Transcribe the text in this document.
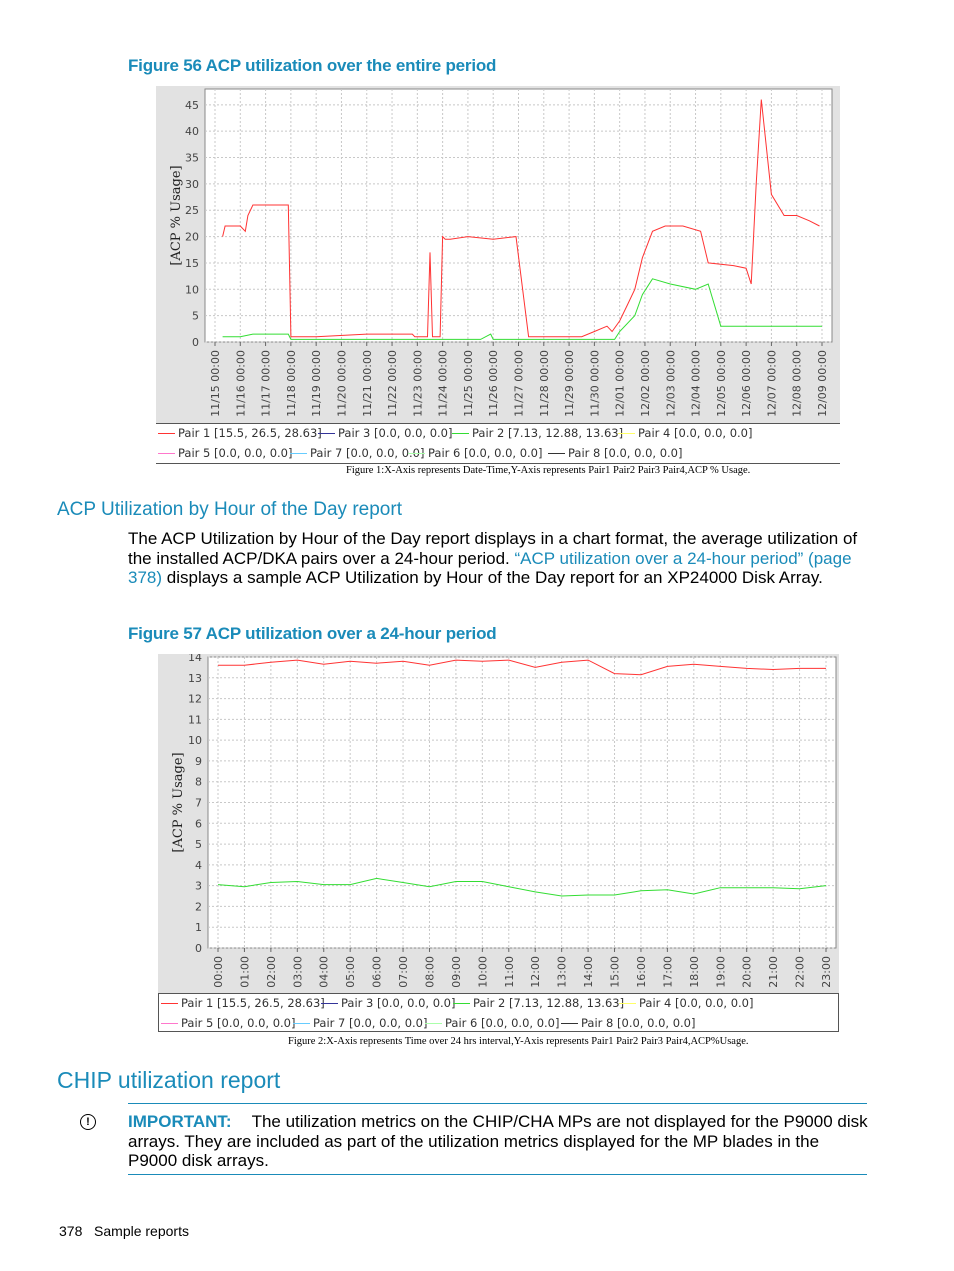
Figure 56 ACP utilization over the entire period
0
5
10
15
20
25
30
35
40
45
11/15 00:00 11/16 00:00 11/17 00:00 11/18 00:00 11/19 00:00 11/20 00:00 11/21 00:00 11/22 00:00 11/23 00:00 11/24 00:00 11/25 00:00 11/26 00:00 11/27 00:00 11/28 00:00 11/29 00:00 11/30 00:00 12/01 00:00 12/02 00:00 12/03 00:00 12/04 00:00 12/05 00:00 12/06 00:00 12/07 00:00 12/08 00:00 12/09 00:00
[ACP % Usage]
Pair 1 [15.5, 26.5, 28.63]	Pair 3 [0.0, 0.0, 0.0]	Pair 2 [7.13, 12.88, 13.63]	Pair 4 [0.0, 0.0, 0.0]
Pair 5 [0.0, 0.0, 0.0]	Pair 7 [0.0, 0.0, 0.0] Pair 6 [0.0, 0.0, 0.0]	Pair 8 [0.0, 0.0, 0.0]
Figure 1:X-Axis represents Date-Time,Y-Axis represents Pair1 Pair2 Pair3 Pair4,ACP % Usage.
ACP Utilization by Hour of the Day report
The ACP Utilization by Hour of the Day report displays in a chart format, the average utilization of the installed ACP/DKA pairs over a 24-hour period. “ACP utilization over a 24-hour period” (page 378) displays a sample ACP Utilization by Hour of the Day report for an XP24000 Disk Array.
Figure 57 ACP utilization over a 24-hour period
0
1
2
3
4
5
6
7
8
9
10
11
12
13
14
00:00 01:00 02:00 03:00 04:00 05:00 06:00 07:00 08:00 09:00 10:00 11:00 12:00 13:00 14:00 15:00 16:00 17:00 18:00 19:00 20:00 21:00 22:00 23:00
[ACP % Usage]
Pair 1 [15.5, 26.5, 28.63]	Pair 3 [0.0, 0.0, 0.0]	Pair 2 [7.13, 12.88, 13.63]	Pair 4 [0.0, 0.0, 0.0]
Pair 5 [0.0, 0.0, 0.0]	Pair 7 [0.0, 0.0, 0.0]	Pair 6 [0.0, 0.0, 0.0]	Pair 8 [0.0, 0.0, 0.0]
Figure 2:X-Axis represents Time over 24 hrs interval,Y-Axis represents Pair1 Pair2 Pair3 Pair4,ACP%Usage.
CHIP utilization report
!	IMPORTANT: The utilization metrics on the CHIP/CHA MPs are not displayed for the P9000 disk arrays. They are included as part of the utilization metrics displayed for the MP blades in the P9000 disk arrays.
378 Sample reports
